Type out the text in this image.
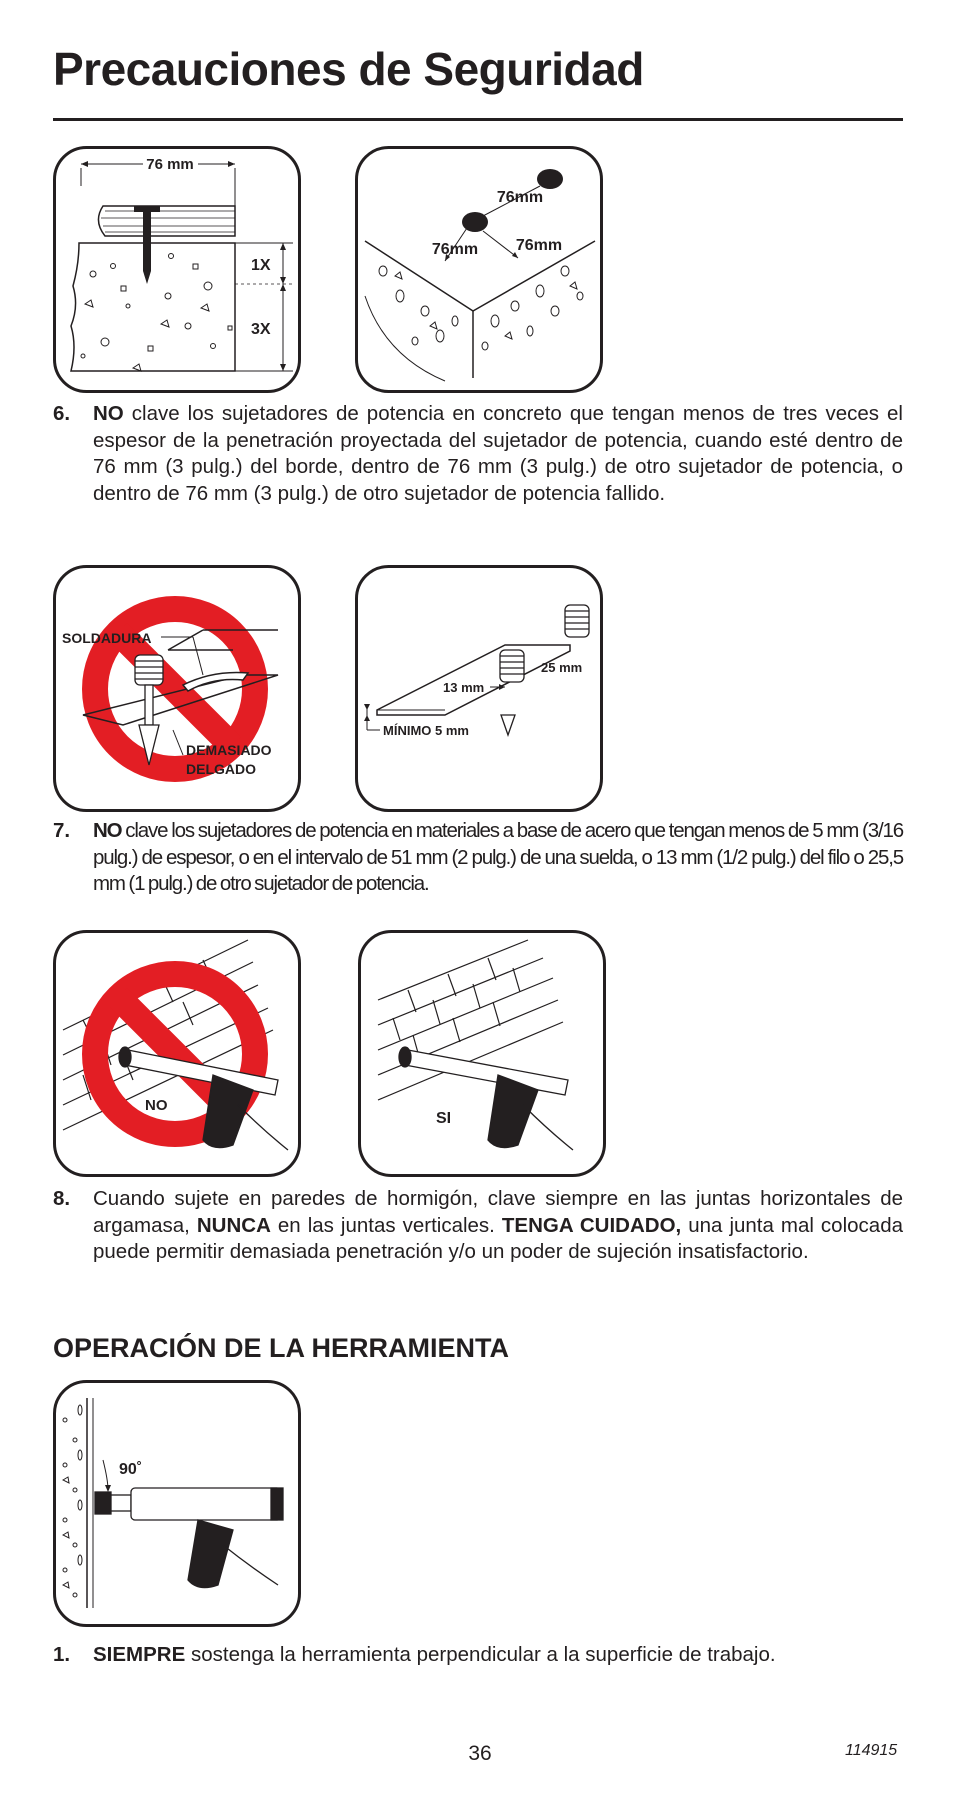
Precauciones de Seguridad
76 mm
1X
3X
76mm
76mm 76mm
6. NO clave los sujetadores de potencia en concreto que tengan menos de tres veces el espesor de la penetración proyectada del sujetador de potencia, cuando esté dentro de 76 mm (3 pulg.) del borde, dentro de 76 mm (3 pulg.) de otro sujetador de potencia, o dentro de 76 mm (3 pulg.) de otro sujetador de potencia fallido.
SOLDADURA
DEMASIADO
DELGADO
13 mm
25 mm
MÍNIMO 5 mm
7. NO clave los sujetadores de potencia en materiales a base de acero que tengan menos de 5 mm (3/16 pulg.) de espesor, o en el intervalo de 51 mm (2 pulg.) de una suelda, o 13 mm (1/2 pulg.) del filo o 25,5 mm (1 pulg.) de otro sujetador de potencia.
NO
SI
8. Cuando sujete en paredes de hormigón, clave siempre en las juntas horizontales de argamasa, NUNCA en las juntas verticales. TENGA CUIDADO, una junta mal colocada puede permitir demasiada penetración y/o un poder de sujeción insatisfactorio.
OPERACIÓN DE LA HERRAMIENTA
90˚
1. SIEMPRE sostenga la herramienta perpendicular a la superficie de trabajo.
36	114915
